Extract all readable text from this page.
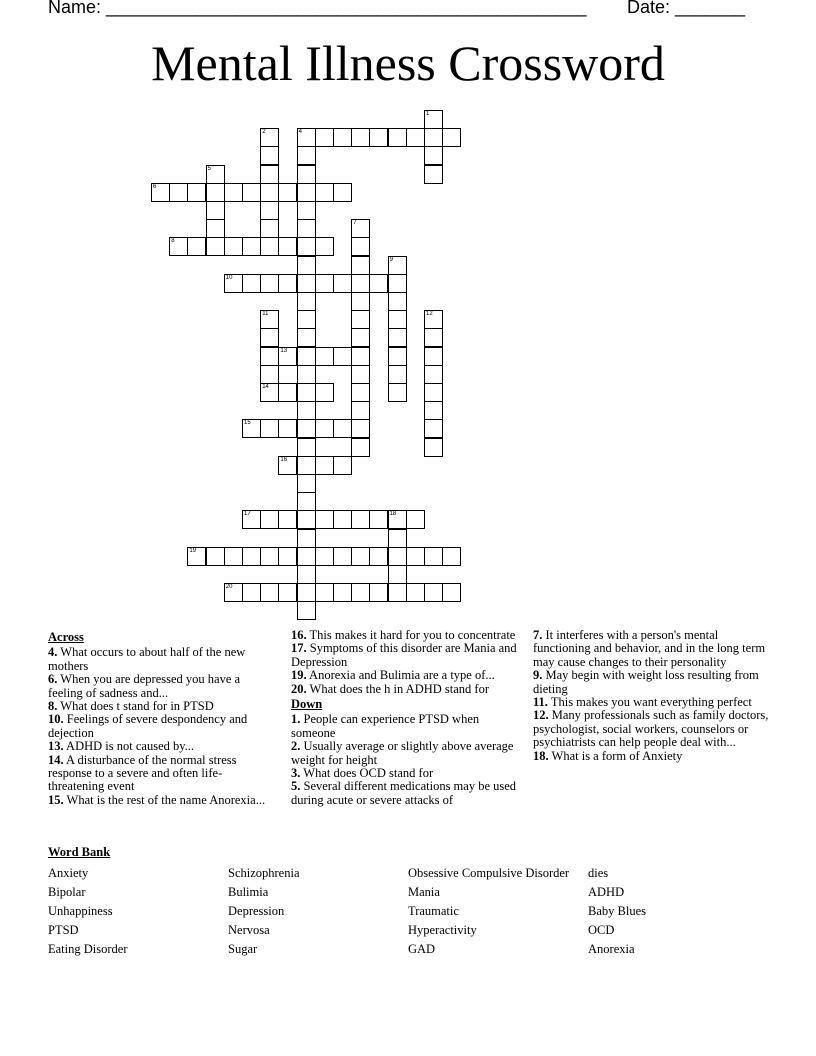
Name: ________________________________________________ Date: _______
Mental Illness Crossword
4
6
8
10
13
14
15
16
17	18
19
20
1
2
5
7
9
11	12
Across
4. What occurs to about half of the new mothers
6. When you are depressed you have a feeling of sadness and...
8. What does t stand for in PTSD
10. Feelings of severe despondency and dejection
13. ADHD is not caused by...
14. A disturbance of the normal stress response to a severe and often life-threatening event
15. What is the rest of the name Anorexia...
16. This makes it hard for you to concentrate
17. Symptoms of this disorder are Mania and Depression
19. Anorexia and Bulimia are a type of...
20. What does the h in ADHD stand for
Down
1. People can experience PTSD when someone
2. Usually average or slightly above average weight for height
3. What does OCD stand for
5. Several different medications may be used during acute or severe attacks of
7. It interferes with a person's mental functioning and behavior, and in the long term may cause changes to their personality
9. May begin with weight loss resulting from dieting
11. This makes you want everything perfect
12. Many professionals such as family doctors, psychologist, social workers, counselors or psychiatrists can help people deal with...
18. What is a form of Anxiety
Word Bank
Anxiety
Bipolar
Unhappiness
PTSD
Eating Disorder
Schizophrenia
Bulimia
Depression
Nervosa
Sugar
Obsessive Compulsive Disorder
Mania
Traumatic
Hyperactivity
GAD
dies
ADHD
Baby Blues
OCD
Anorexia
